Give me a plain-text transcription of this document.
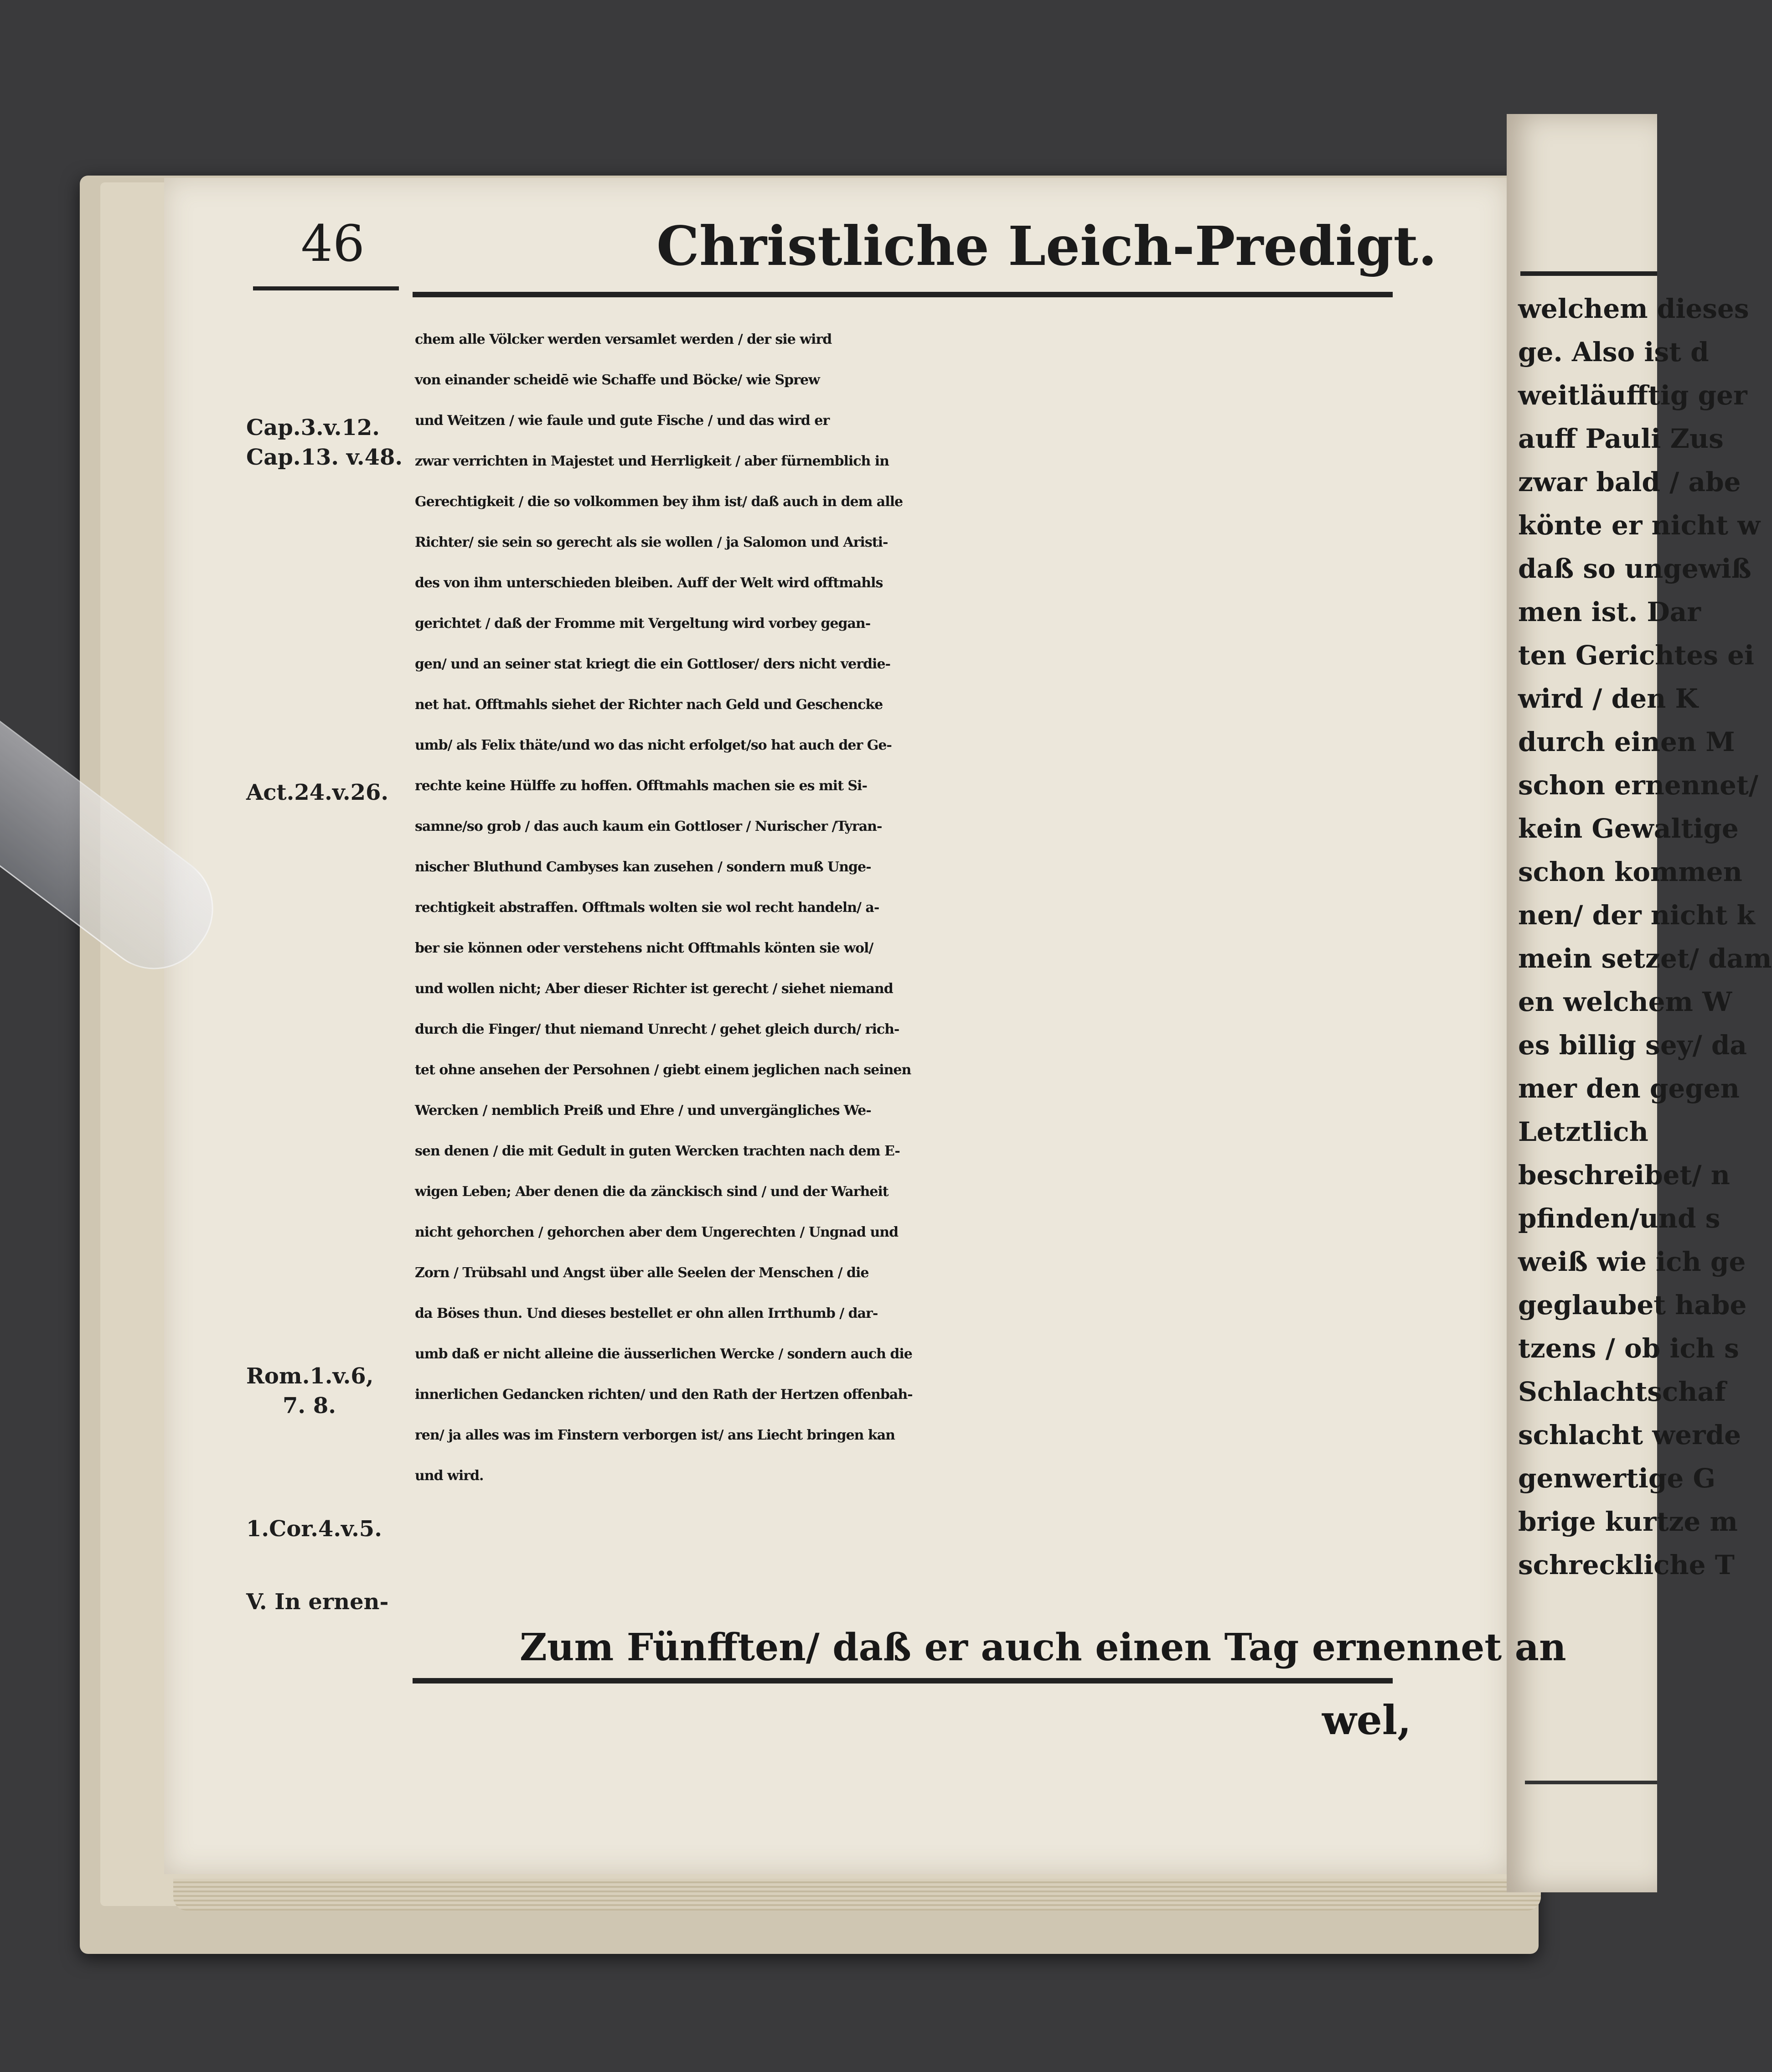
welchem dieses
ge. Also ist d
weitläufftig ger
auff Pauli Zus
zwar bald / abe
könte er nicht w
daß so ungewiß
men ist. Dar
ten Gerichtes ei
wird / den K
durch einen M
schon ernennet/
kein Gewaltige
schon kommen
nen/ der nicht k
mein setzet/ dam
en welchem W
es billig sey/ da
mer den gegen
Letztlich
beschreibet/ n
pfinden/und s
weiß wie ich ge
geglaubet habe
tzens / ob ich s
Schlachtschaf
schlacht werde
genwertige G
brige kurtze m
schreckliche T
46	Christliche Leich-Predigt.
Cap.3.v.12.
Cap.13. v.48.
Act.24.v.26.
Rom.1.v.6,
7. 8.
1.Cor.4.v.5.
V. In ernen-
chem alle Völcker werden versamlet werden / der sie wird
von einander scheidē wie Schaffe und Böcke/ wie Sprew
und Weitzen / wie faule und gute Fische / und das wird er
zwar verrichten in Majestet und Herrligkeit / aber fürnemblich in
Gerechtigkeit / die so volkommen bey ihm ist/ daß auch in dem alle
Richter/ sie sein so gerecht als sie wollen / ja Salomon und Aristi-
des von ihm unterschieden bleiben. Auff der Welt wird offtmahls
gerichtet / daß der Fromme mit Vergeltung wird vorbey gegan-
gen/ und an seiner stat kriegt die ein Gottloser/ ders nicht verdie-
net hat. Offtmahls siehet der Richter nach Geld und Geschencke
umb/ als Felix thäte/und wo das nicht erfolget/so hat auch der Ge-
rechte keine Hülffe zu hoffen. Offtmahls machen sie es mit Si-
samne/so grob / das auch kaum ein Gottloser / Nurischer /Tyran-
nischer Bluthund Cambyses kan zusehen / sondern muß Unge-
rechtigkeit abstraffen. Offtmals wolten sie wol recht handeln/ a-
ber sie können oder verstehens nicht Offtmahls könten sie wol/
und wollen nicht; Aber dieser Richter ist gerecht / siehet niemand
durch die Finger/ thut niemand Unrecht / gehet gleich durch/ rich-
tet ohne ansehen der Persohnen / giebt einem jeglichen nach seinen
Wercken / nemblich Preiß und Ehre / und unvergängliches We-
sen denen / die mit Gedult in guten Wercken trachten nach dem E-
wigen Leben; Aber denen die da zänckisch sind / und der Warheit
nicht gehorchen / gehorchen aber dem Ungerechten / Ungnad und
Zorn / Trübsahl und Angst über alle Seelen der Menschen / die
da Böses thun. Und dieses bestellet er ohn allen Irrthumb / dar-
umb daß er nicht alleine die äusserlichen Wercke / sondern auch die
innerlichen Gedancken richten/ und den Rath der Hertzen offenbah-
ren/ ja alles was im Finstern verborgen ist/ ans Liecht bringen kan
und wird.
Zum Fünfften/ daß er auch einen Tag ernennet an
wel,
